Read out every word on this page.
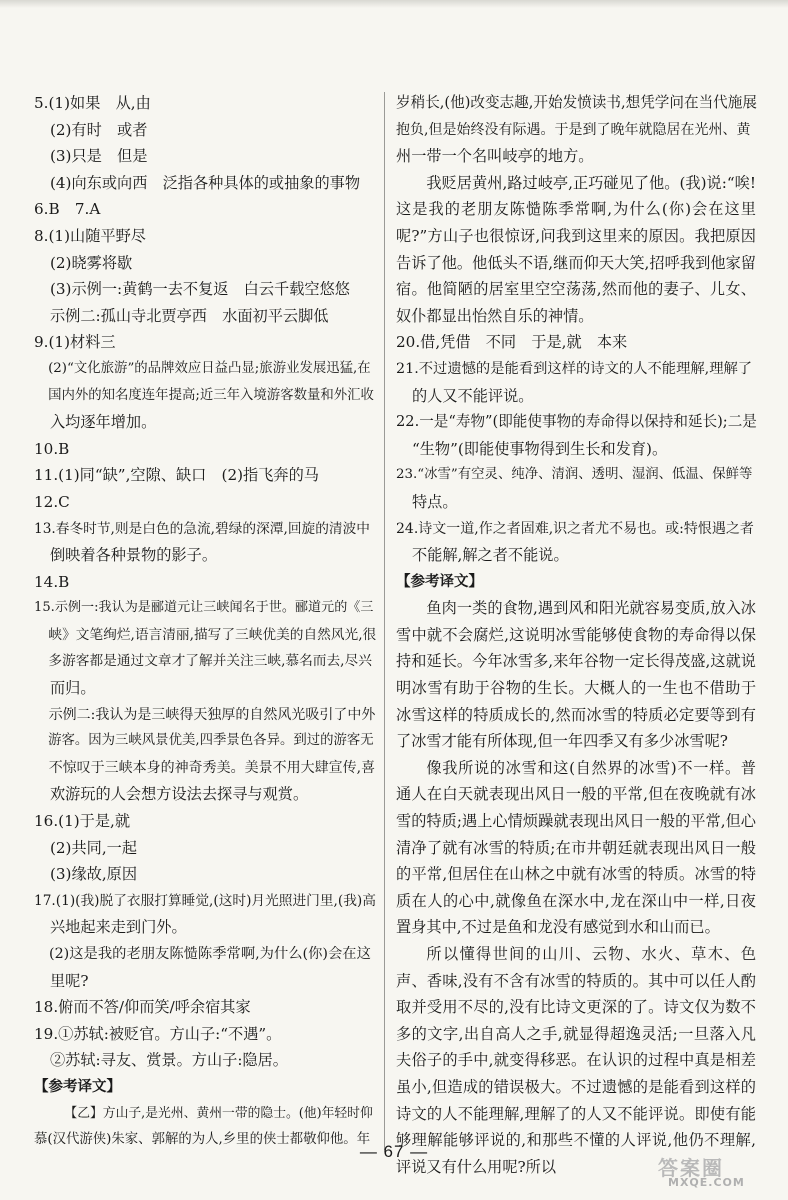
5.(1)如果　从,由
(2)有时　或者
(3)只是　但是
(4)向东或向西　泛指各种具体的或抽象的事物
6.B　7.A
8.(1)山随平野尽
(2)晓雾将歇
(3)示例一:黄鹤一去不复返　白云千载空悠悠
示例二:孤山寺北贾亭西　水面初平云脚低
9.(1)材料三
(2)“文化旅游”的品牌效应日益凸显;旅游业发展迅猛,在
国内外的知名度连年提高;近三年入境游客数量和外汇收
入均逐年增加。
10.B
11.(1)同“缺”,空隙、缺口　(2)指飞奔的马
12.C
13.春冬时节,则是白色的急流,碧绿的深潭,回旋的清波中
倒映着各种景物的影子。
14.B
15.示例一:我认为是郦道元让三峡闻名于世。郦道元的《三
峡》文笔绚烂,语言清丽,描写了三峡优美的自然风光,很
多游客都是通过文章才了解并关注三峡,慕名而去,尽兴
而归。
示例二:我认为是三峡得天独厚的自然风光吸引了中外
游客。因为三峡风景优美,四季景色各异。到过的游客无
不惊叹于三峡本身的神奇秀美。美景不用大肆宣传,喜
欢游玩的人会想方设法去探寻与观赏。
16.(1)于是,就
(2)共同,一起
(3)缘故,原因
17.(1)(我)脱了衣服打算睡觉,(这时)月光照进门里,(我)高
兴地起来走到门外。
(2)这是我的老朋友陈慥陈季常啊,为什么(你)会在这
里呢?
18.俯而不答/仰而笑/呼余宿其家
19.①苏轼:被贬官。方山子:“不遇”。
②苏轼:寻友、赏景。方山子:隐居。
【参考译文】
【乙】方山子,是光州、黄州一带的隐士。(他)年轻时仰
慕(汉代游侠)朱家、郭解的为人,乡里的侠士都敬仰他。年
岁稍长,(他)改变志趣,开始发愤读书,想凭学问在当代施展
抱负,但是始终没有际遇。于是到了晚年就隐居在光州、黄
州一带一个名叫岐亭的地方。
我贬居黄州,路过岐亭,正巧碰见了他。(我)说:“唉!这是我的老朋友陈慥陈季常啊,为什么(你)会在这里呢?”方山子也很惊讶,问我到这里来的原因。我把原因告诉了他。他低头不语,继而仰天大笑,招呼我到他家留宿。他简陋的居室里空空荡荡,然而他的妻子、儿女、奴仆都显出怡然自乐的神情。
20.借,凭借　不同　于是,就　本来
21.不过遗憾的是能看到这样的诗文的人不能理解,理解了
的人又不能评说。
22.一是“寿物”(即能使事物的寿命得以保持和延长);二是
“生物”(即能使事物得到生长和发育)。
23.“冰雪”有空灵、纯净、清润、透明、湿润、低温、保鲜等
特点。
24.诗文一道,作之者固难,识之者尤不易也。或:特恨遇之者
不能解,解之者不能说。
【参考译文】
鱼肉一类的食物,遇到风和阳光就容易变质,放入冰雪中就不会腐烂,这说明冰雪能够使食物的寿命得以保持和延长。今年冰雪多,来年谷物一定长得茂盛,这就说明冰雪有助于谷物的生长。大概人的一生也不借助于冰雪这样的特质成长的,然而冰雪的特质必定要等到有了冰雪才能有所体现,但一年四季又有多少冰雪呢?
像我所说的冰雪和这(自然界的冰雪)不一样。普通人在白天就表现出风日一般的平常,但在夜晚就有冰雪的特质;遇上心情烦躁就表现出风日一般的平常,但心清净了就有冰雪的特质;在市井朝廷就表现出风日一般的平常,但居住在山林之中就有冰雪的特质。冰雪的特质在人的心中,就像鱼在深水中,龙在深山中一样,日夜置身其中,不过是鱼和龙没有感觉到水和山而已。
所以懂得世间的山川、云物、水火、草木、色声、香味,没有不含有冰雪的特质的。其中可以任人酌取并受用不尽的,没有比诗文更深的了。诗文仅为数不多的文字,出自高人之手,就显得超逸灵活;一旦落入凡夫俗子的手中,就变得移恶。在认识的过程中真是相差虽小,但造成的错误极大。不过遗憾的是能看到这样的诗文的人不能理解,理解了的人又不能评说。即使有能够理解能够评说的,和那些不懂的人评说,他仍不理解,评说又有什么用呢?所以
— 67 —
答案圈
MXQE.COM
